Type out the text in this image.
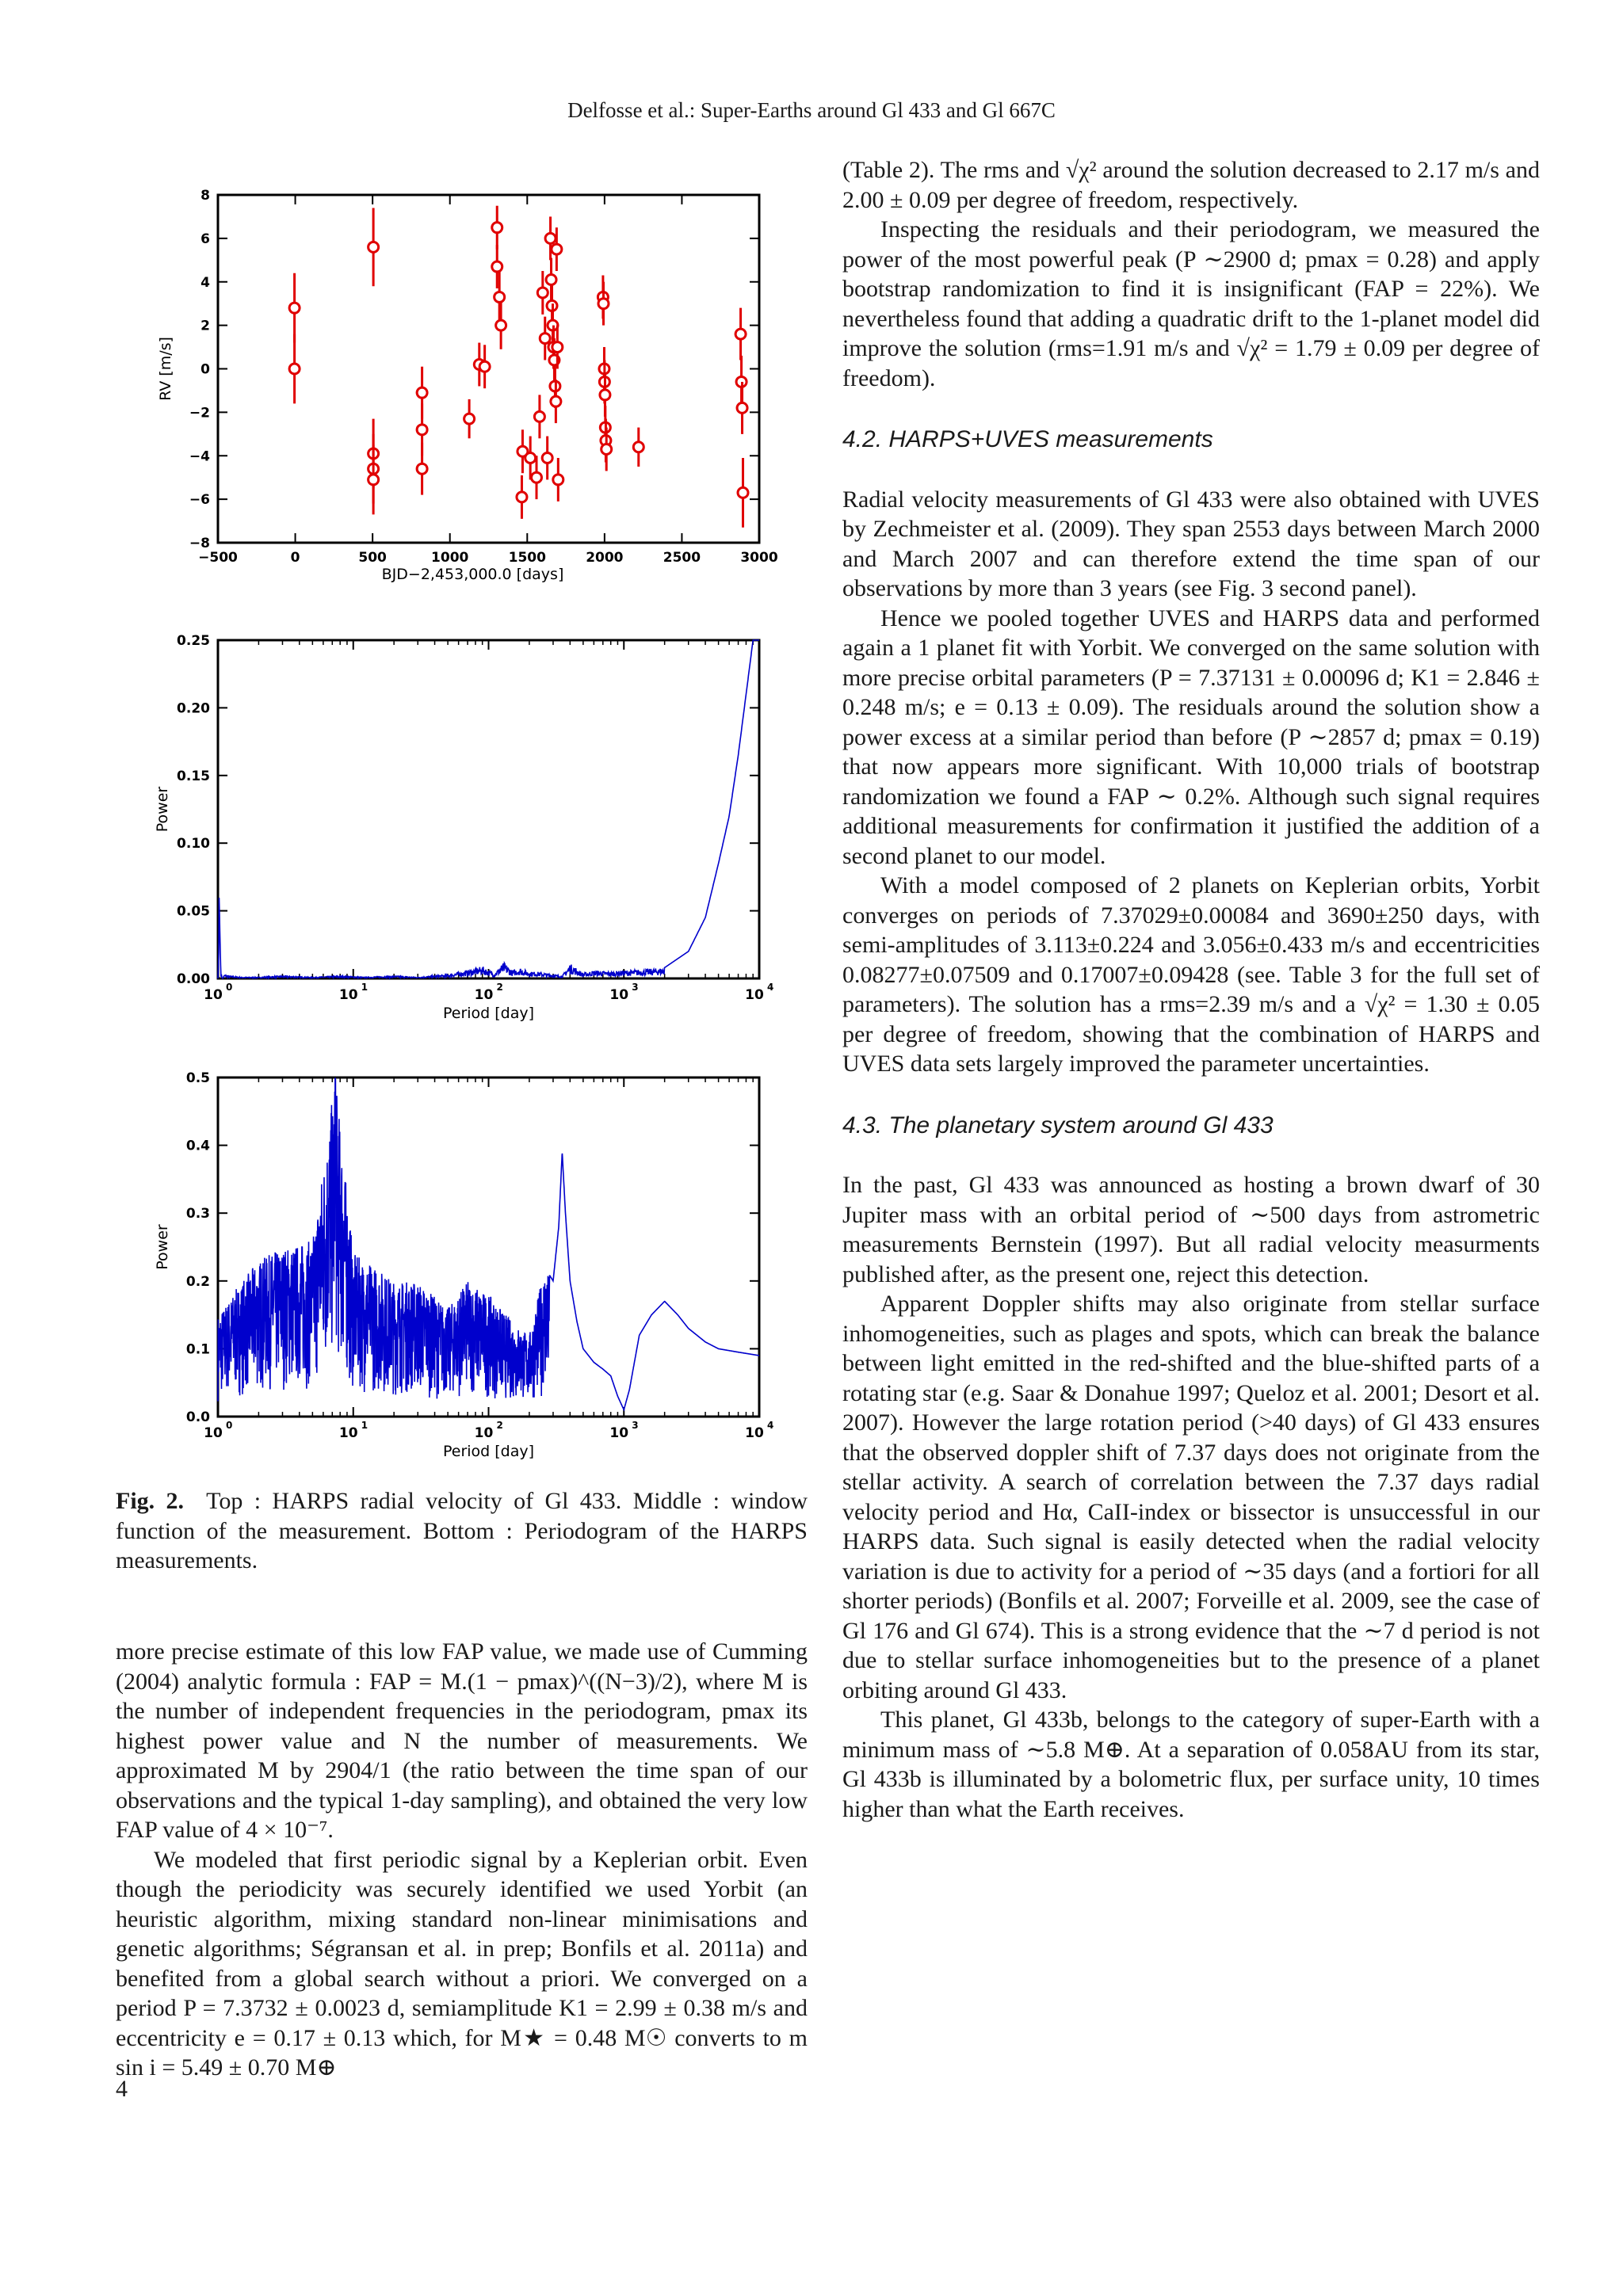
Delfosse et al.: Super-Earths around Gl 433 and Gl 667C
−500	0	500	1000	1500	2000	2500	3000
−8
−6
−4
−2
0
2
4
6
8
BJD−2,453,000.0 [days]
RV [m/s]
10 0	10 1	10 2	10 3	10 4
0.00
0.05
0.10
0.15
0.20
0.25
Period [day]
Power
10 0	10 1	10 2	10 3	10 4
0.0
0.1
0.2
0.3
0.4
0.5
Period [day]
Power
Fig. 2. Top : HARPS radial velocity of Gl 433. Middle : window function of the measurement. Bottom : Periodogram of the HARPS measurements.

more precise estimate of this low FAP value, we made use of Cumming (2004) analytic formula : FAP = M.(1 − pmax)^((N−3)/2), where M is the number of independent frequencies in the periodogram, pmax its highest power value and N the number of measurements. We approximated M by 2904/1 (the ratio between the time span of our observations and the typical 1-day sampling), and obtained the very low FAP value of 4 × 10⁻⁷.

We modeled that first periodic signal by a Keplerian orbit. Even though the periodicity was securely identified we used Yorbit (an heuristic algorithm, mixing standard non-linear minimisations and genetic algorithms; Ségransan et al. in prep; Bonfils et al. 2011a) and benefited from a global search without a priori. We converged on a period P = 7.3732 ± 0.0023 d, semiamplitude K1 = 2.99 ± 0.38 m/s and eccentricity e = 0.17 ± 0.13 which, for M★ = 0.48 M☉ converts to m sin i = 5.49 ± 0.70 M⊕

(Table 2). The rms and √χ² around the solution decreased to 2.17 m/s and 2.00 ± 0.09 per degree of freedom, respectively.

Inspecting the residuals and their periodogram, we measured the power of the most powerful peak (P ∼2900 d; pmax = 0.28) and apply bootstrap randomization to find it is insignificant (FAP = 22%). We nevertheless found that adding a quadratic drift to the 1-planet model did improve the solution (rms=1.91 m/s and √χ² = 1.79 ± 0.09 per degree of freedom).

4.2. HARPS+UVES measurements

Radial velocity measurements of Gl 433 were also obtained with UVES by Zechmeister et al. (2009). They span 2553 days between March 2000 and March 2007 and can therefore extend the time span of our observations by more than 3 years (see Fig. 3 second panel).

Hence we pooled together UVES and HARPS data and performed again a 1 planet fit with Yorbit. We converged on the same solution with more precise orbital parameters (P = 7.37131 ± 0.00096 d; K1 = 2.846 ± 0.248 m/s; e = 0.13 ± 0.09). The residuals around the solution show a power excess at a similar period than before (P ∼2857 d; pmax = 0.19) that now appears more significant. With 10,000 trials of bootstrap randomization we found a FAP ∼ 0.2%. Although such signal requires additional measurements for confirmation it justified the addition of a second planet to our model.

With a model composed of 2 planets on Keplerian orbits, Yorbit converges on periods of 7.37029±0.00084 and 3690±250 days, with semi-amplitudes of 3.113±0.224 and 3.056±0.433 m/s and eccentricities 0.08277±0.07509 and 0.17007±0.09428 (see. Table 3 for the full set of parameters). The solution has a rms=2.39 m/s and a √χ² = 1.30 ± 0.05 per degree of freedom, showing that the combination of HARPS and UVES data sets largely improved the parameter uncertainties.

4.3. The planetary system around Gl 433

In the past, Gl 433 was announced as hosting a brown dwarf of 30 Jupiter mass with an orbital period of ∼500 days from astrometric measurements Bernstein (1997). But all radial velocity measurments published after, as the present one, reject this detection.

Apparent Doppler shifts may also originate from stellar surface inhomogeneities, such as plages and spots, which can break the balance between light emitted in the red-shifted and the blue-shifted parts of a rotating star (e.g. Saar & Donahue 1997; Queloz et al. 2001; Desort et al. 2007). However the large rotation period (>40 days) of Gl 433 ensures that the observed doppler shift of 7.37 days does not originate from the stellar activity. A search of correlation between the 7.37 days radial velocity period and Hα, CaII-index or bissector is unsuccessful in our HARPS data. Such signal is easily detected when the radial velocity variation is due to activity for a period of ∼35 days (and a fortiori for all shorter periods) (Bonfils et al. 2007; Forveille et al. 2009, see the case of Gl 176 and Gl 674). This is a strong evidence that the ∼7 d period is not due to stellar surface inhomogeneities but to the presence of a planet orbiting around Gl 433.

This planet, Gl 433b, belongs to the category of super-Earth with a minimum mass of ∼5.8 M⊕. At a separation of 0.058AU from its star, Gl 433b is illuminated by a bolometric flux, per surface unity, 10 times higher than what the Earth receives.

4
